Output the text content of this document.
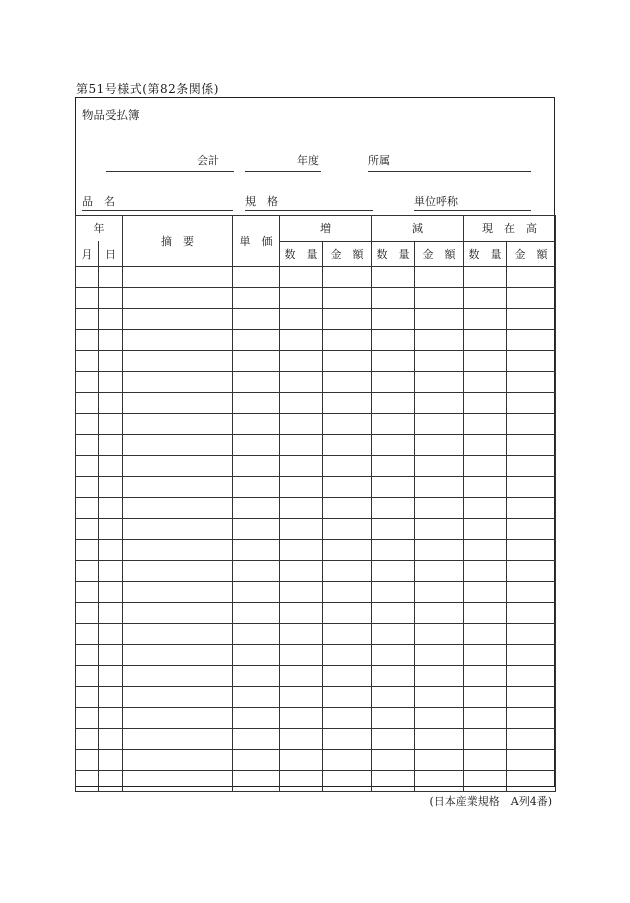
第51号様式(第82条関係)
物品受払簿
会計	年度	所属
品　名	規　格	単位呼称
年		摘　要	単　価	増		減		現　在　高	
月	日			数　量	金　額	数　量	金　額	数　量	金　額

(日本産業規格　A列4番)
